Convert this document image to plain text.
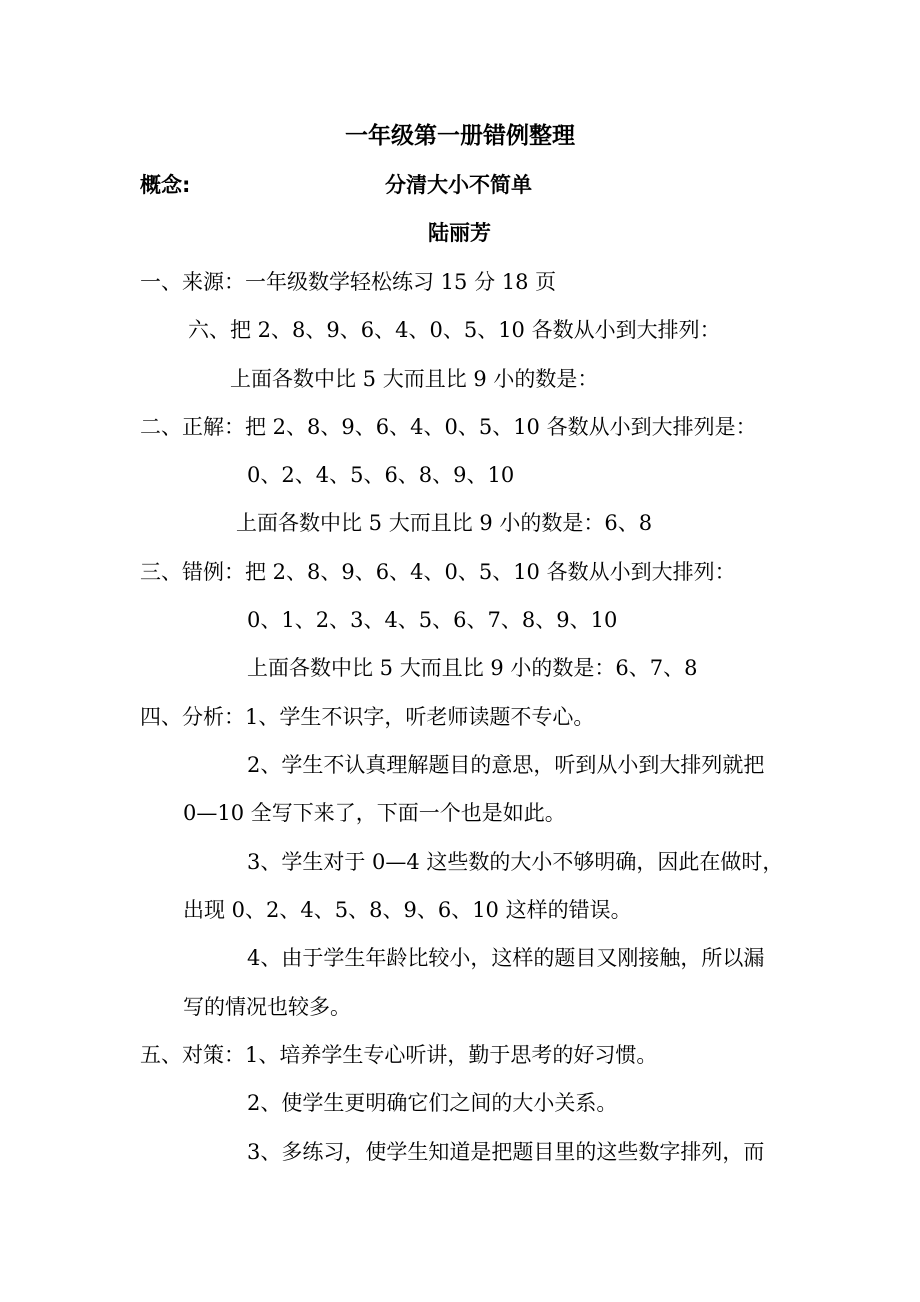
一年级第一册错例整理
概念:	分清大小不简单
陆丽芳
一、来源：一年级数学轻松练习 15 分 18 页
六、把 2、8、9、6、4、0、5、10 各数从小到大排列：
上面各数中比 5 大而且比 9 小的数是：
二、正解：把 2、8、9、6、4、0、5、10 各数从小到大排列是：
0、2、4、5、6、8、9、10
上面各数中比 5 大而且比 9 小的数是：6、8
三、错例：把 2、8、9、6、4、0、5、10 各数从小到大排列：
0、1、2、3、4、5、6、7、8、9、10
上面各数中比 5 大而且比 9 小的数是：6、7、8
四、分析：1、学生不识字，听老师读题不专心。
2、学生不认真理解题目的意思，听到从小到大排列就把
0—10 全写下来了，下面一个也是如此。
3、学生对于 0—4 这些数的大小不够明确，因此在做时，
出现 0、2、4、5、8、9、6、10 这样的错误。
4、由于学生年龄比较小，这样的题目又刚接触，所以漏
写的情况也较多。
五、对策：1、培养学生专心听讲，勤于思考的好习惯。
2、使学生更明确它们之间的大小关系。
3、多练习，使学生知道是把题目里的这些数字排列，而
